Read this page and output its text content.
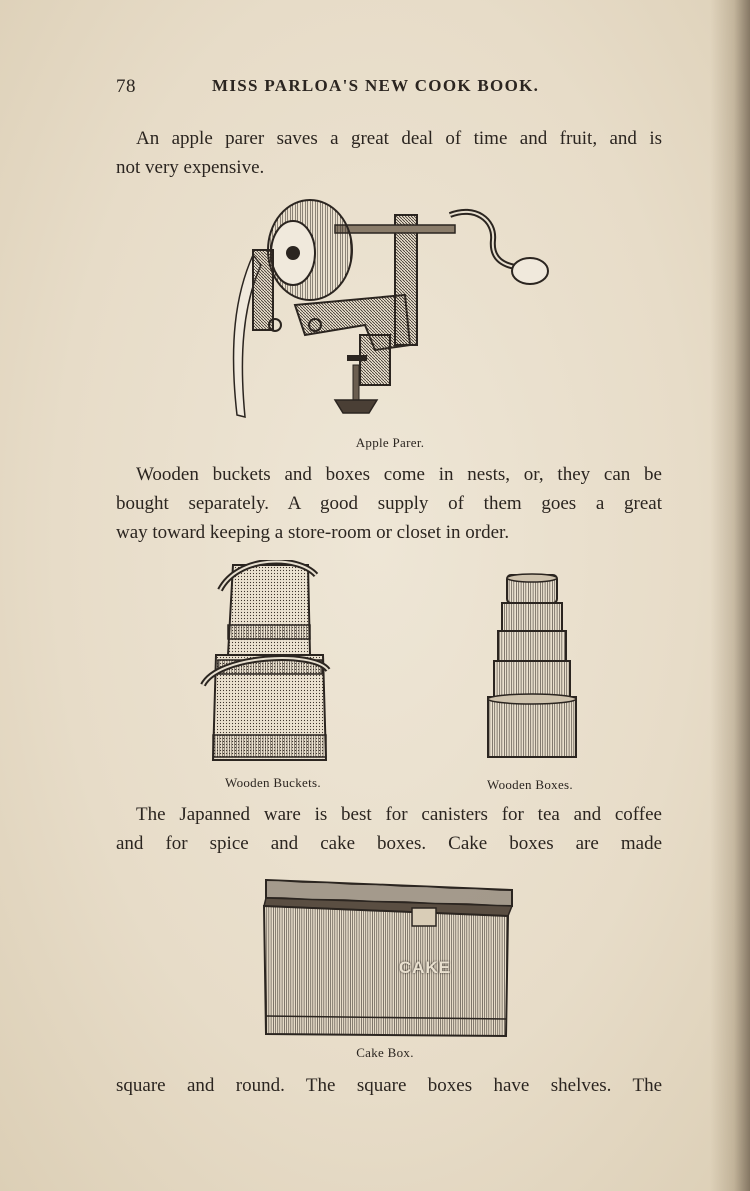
78	MISS PARLOA'S NEW COOK BOOK.
An apple parer saves a great deal of time and fruit, and is
not very expensive.
Apple Parer.
Wooden buckets and boxes come in nests, or, they can be
bought separately. A good supply of them goes a great
way toward keeping a store-room or closet in order.
Wooden Buckets.	Wooden Boxes.
The Japanned ware is best for canisters for tea and coffee
and for spice and cake boxes. Cake boxes are made
CAKE
Cake Box.
square and round. The square boxes have shelves. The
